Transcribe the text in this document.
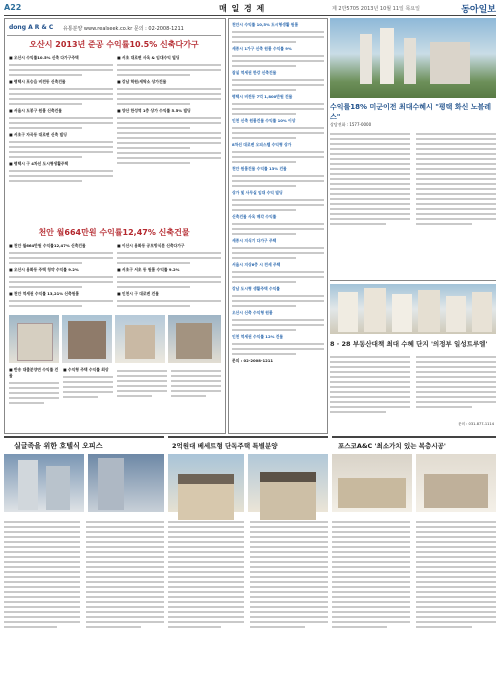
A22	매 일 경 제	제 2만5705 2013년 10월 11일 목요일	동아일보
dong A R & C 유통분양 www.realseek.co.kr 문의 : 02-2008-1211
오산시 2013년 준공 수익률10.5% 신축다가구
■ 오산시 수익률10.5% 신축 다가구주택
■ 평택시 포승읍 비전동 신축건물
■ 서울시 도봉구 원룸 신축건물
■ 서초구 자곡동 대로변 신축 빌딩
■ 평택시 구 4차선 도시형생활주택
■ 서초 대로변 사옥 & 임대수익 빌딩
■ 강남 학원/세탁소 상가건물
■ 양산 한성역 1층 상가 수익률 5.5% 빌딩
천안 월664만원 수익률12,47% 신축건물
■ 천안 월664만원 수익률12,47% 신축건물
■ 오산시 용화동 주택 청약 수익률 9.2%
■ 천안 역세권 수익률 13,21% 신축원룸
■ 이산시 용화동 공모방식분 신축다가구
■ 서초구 서초 동 원룸 수익률 9.2%
■ 인천시 구 대로변 건물
■ 반송 대출분양연 수익률 건물
■ 수익형 주택 수익률 최상
천안시 수익률 10,5% 도시형생활 원룸
세종시 1가구 신축 원룸 수익률 9%
잠실 역세권 한강 신축건물
평택시 비전동 7억 1,800만원 건물
인천 신축 원룸건물 수익률 10% 이상
8차선 대로변 오피스텔 수익형 상가
천안 원룸건물 수익률 13% 건물
상가 및 사무실 임대 수익 빌딩
신축건물 사옥 매각 수익률
세종시 지식기 다가구 주택
서울시 지상6층 시 전세 주택
강남 도시형 생활주택 수익률
오산시 신축 수익형 원룸
인천 역세권 수익률 12% 건물
문의 : 02-2008-1211
수익률18% 미군이전 최대수혜시 "평택 화신 노블레스"
상담전화 : 1577-0000
8 · 28 부동산대책 최대 수혜 단지 '의정부 일성트루엘'
문의 : 031-877-1114
실글족을 위한 호텔식 오피스	2억원대 베세트형 단독주택 특별분양	포스코A&C '최소가치 있는 복층시공'
